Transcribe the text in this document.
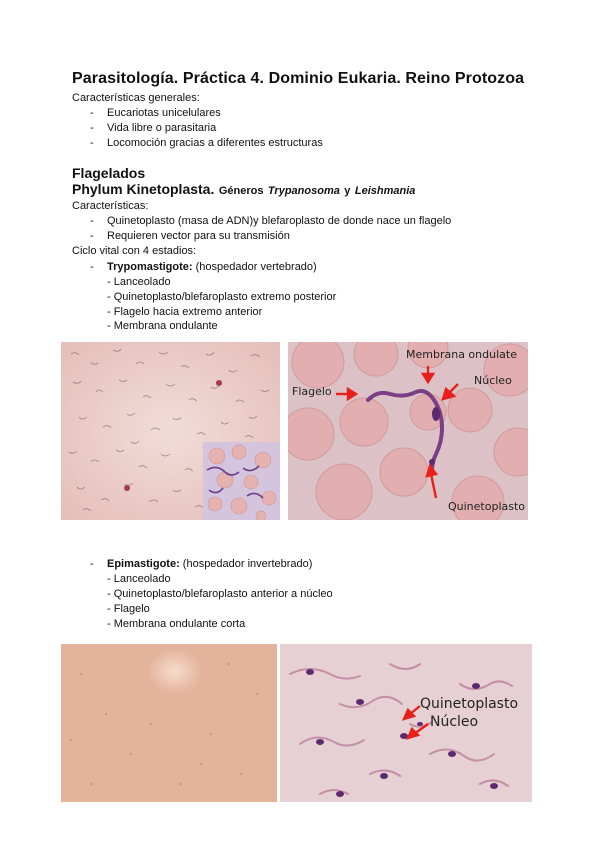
Parasitología. Práctica 4. Dominio Eukaria. Reino Protozoa
Características generales:
- Eucariotas unicelulares
- Vida libre o parasitaria
- Locomoción gracias a diferentes estructuras
Flagelados
Phylum Kinetoplasta. Géneros Trypanosoma y Leishmania
Características:
- Quinetoplasto (masa de ADN)y blefaroplasto de donde nace un flagelo
- Requieren vector para su transmisión
Ciclo vital con 4 estadios:
- Trypomastigote: (hospedador vertebrado)
- Lanceolado
- Quinetoplasto/blefaroplasto extremo posterior
- Flagelo hacia extremo anterior
- Membrana ondulante
Membrana ondulate
Flagelo
Núcleo
Quinetoplasto
- Epimastigote: (hospedador invertebrado)
- Lanceolado
- Quinetoplasto/blefaroplasto anterior a núcleo
- Flagelo
- Membrana ondulante corta
Quinetoplasto
Núcleo
